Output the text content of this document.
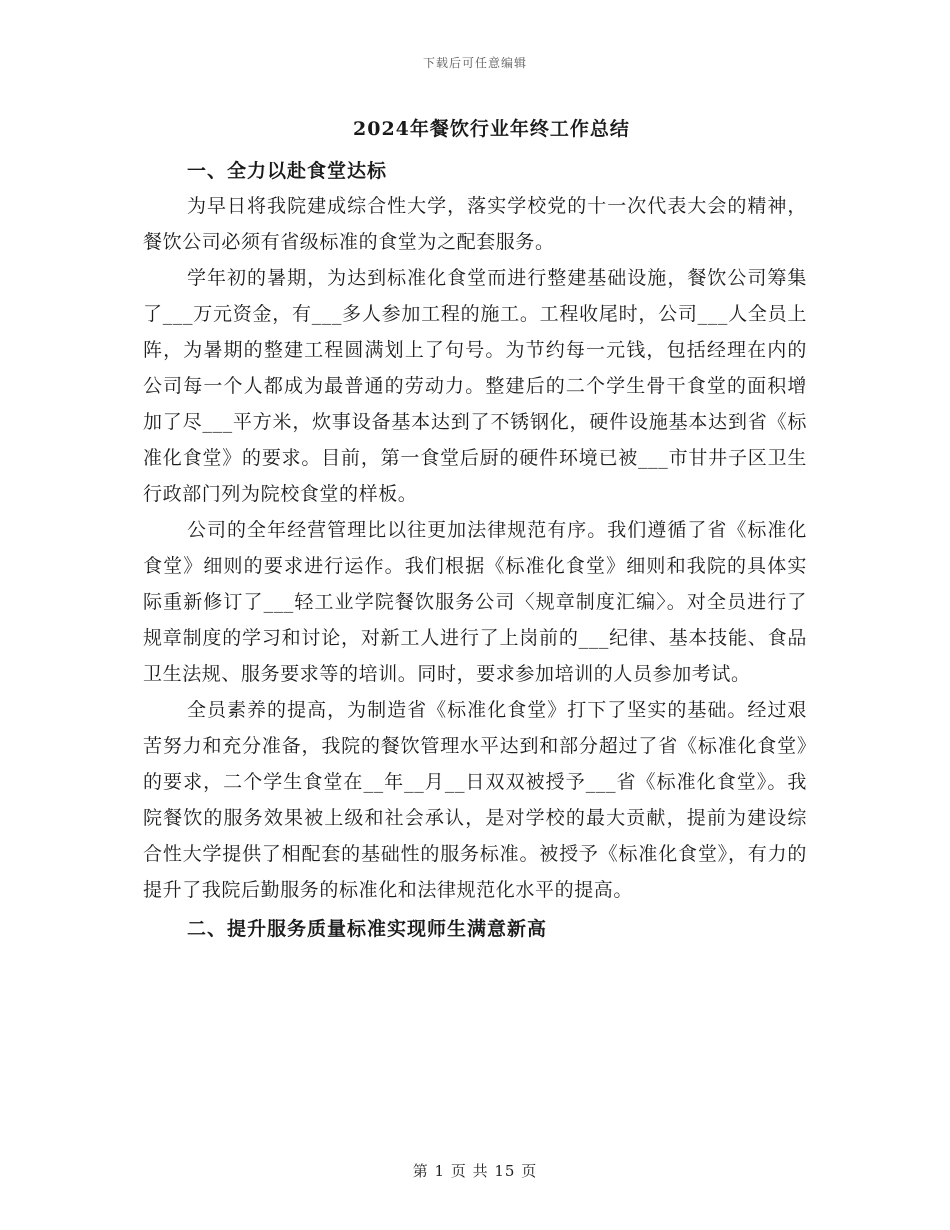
下载后可任意编辑
2024年餐饮行业年终工作总结
一、全力以赴食堂达标

为早日将我院建成综合性大学，落实学校党的十一次代表大会的精神，餐饮公司必须有省级标准的食堂为之配套服务。

学年初的暑期，为达到标准化食堂而进行整建基础设施，餐饮公司筹集了___万元资金，有___多人参加工程的施工。工程收尾时，公司___人全员上阵，为暑期的整建工程圆满划上了句号。为节约每一元钱，包括经理在内的公司每一个人都成为最普通的劳动力。整建后的二个学生骨干食堂的面积增加了尽___平方米，炊事设备基本达到了不锈钢化，硬件设施基本达到省《标准化食堂》的要求。目前，第一食堂后厨的硬件环境已被___市甘井子区卫生行政部门列为院校食堂的样板。

公司的全年经营管理比以往更加法律规范有序。我们遵循了省《标准化食堂》细则的要求进行运作。我们根据《标准化食堂》细则和我院的具体实际重新修订了___轻工业学院餐饮服务公司〈规章制度汇编〉。对全员进行了规章制度的学习和讨论，对新工人进行了上岗前的___纪律、基本技能、食品卫生法规、服务要求等的培训。同时，要求参加培训的人员参加考试。

全员素养的提高，为制造省《标准化食堂》打下了坚实的基础。经过艰苦努力和充分准备，我院的餐饮管理水平达到和部分超过了省《标准化食堂》的要求，二个学生食堂在__年__月__日双双被授予___省《标准化食堂》。我院餐饮的服务效果被上级和社会承认，是对学校的最大贡献，提前为建设综合性大学提供了相配套的基础性的服务标准。被授予《标准化食堂》，有力的提升了我院后勤服务的标准化和法律规范化水平的提高。

二、提升服务质量标准实现师生满意新高
第 1 页 共 15 页
